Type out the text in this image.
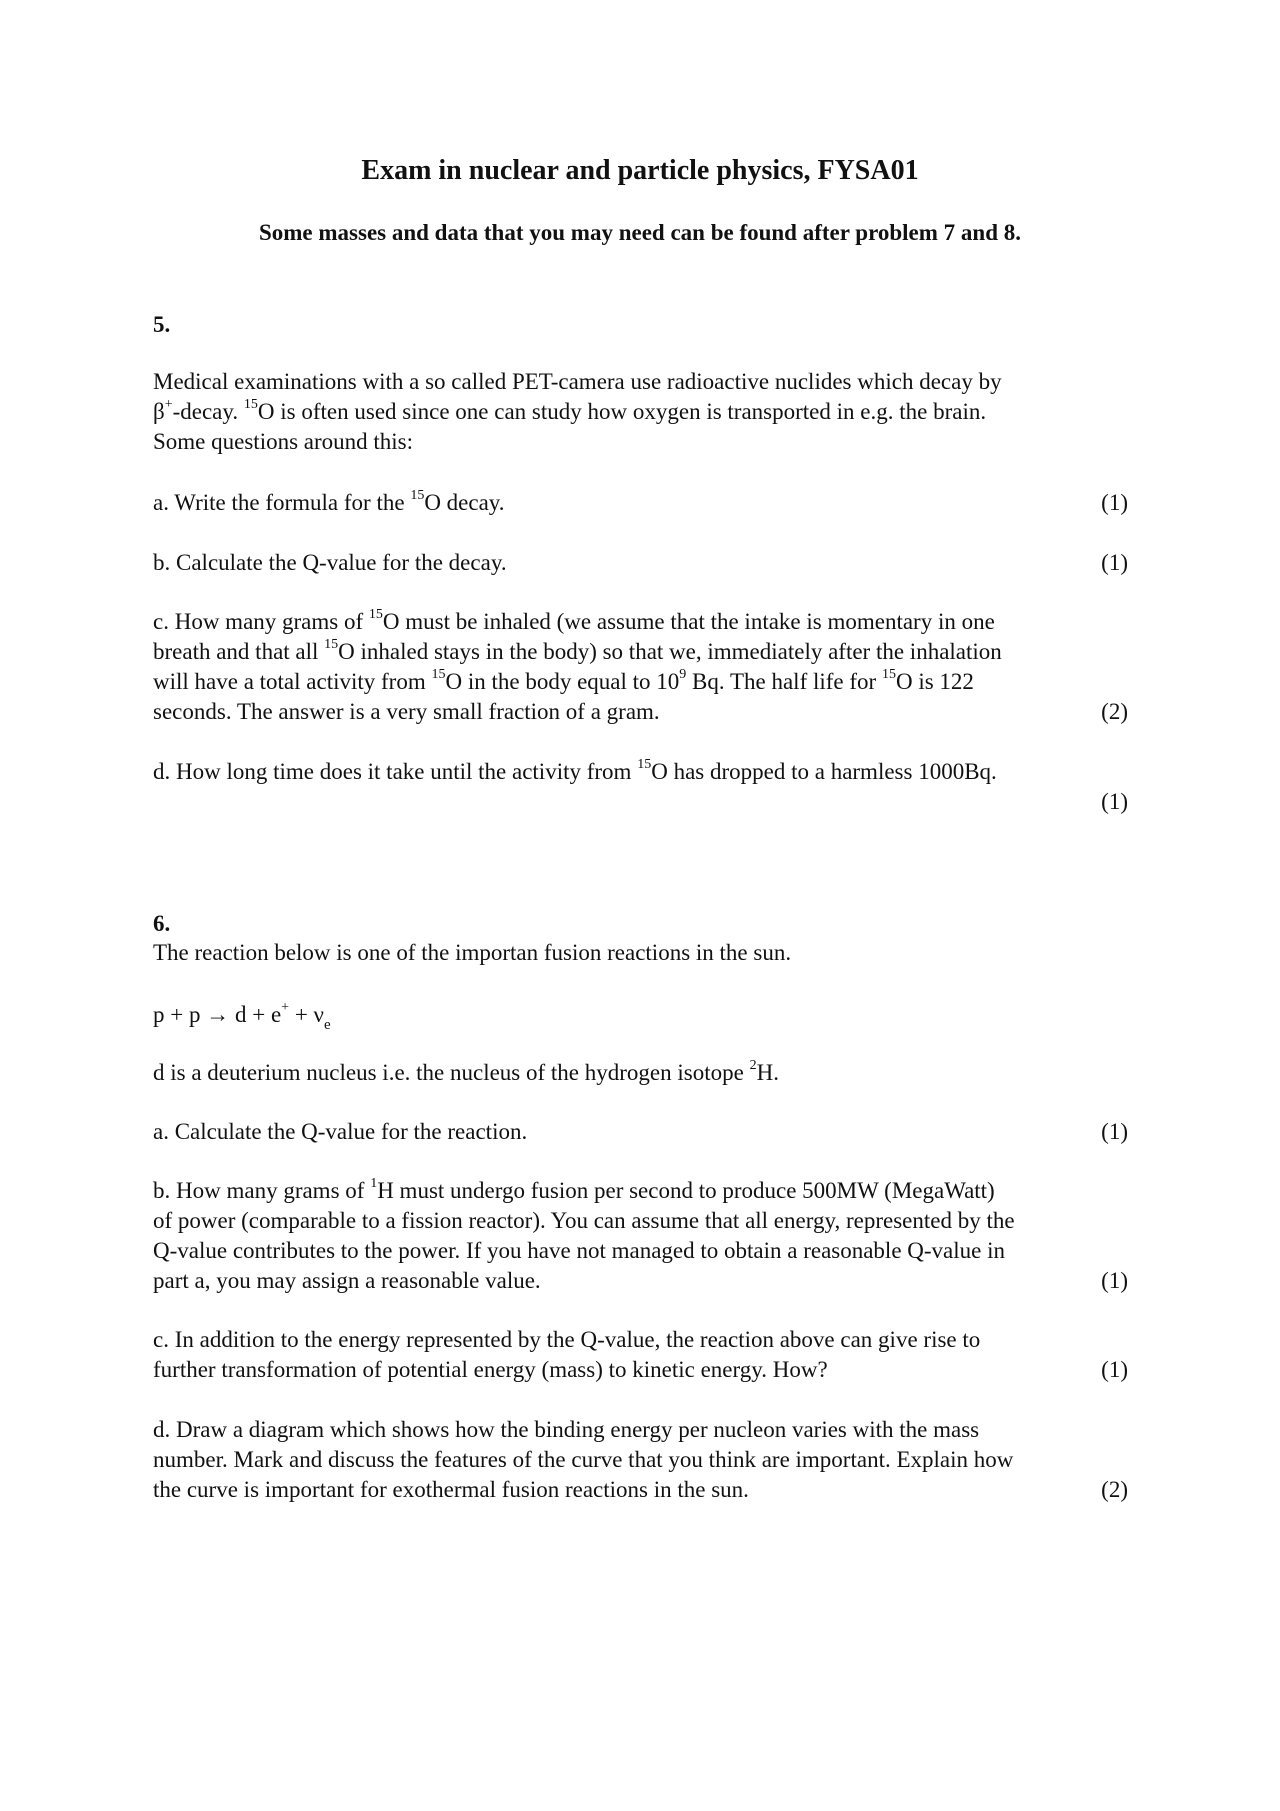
Exam in nuclear and particle physics, FYSA01
Some masses and data that you may need can be found after problem 7 and 8.
5.
Medical examinations with a so called PET-camera use radioactive nuclides which decay by
β+-decay. $^{15}$O is often used since one can study how oxygen is transported in e.g. the brain.
Some questions around this:
a. Write the formula for the $^{15}$O decay.	(1)
b. Calculate the Q-value for the decay.	(1)
c. How many grams of $^{15}$O must be inhaled (we assume that the intake is momentary in one
breath and that all $^{15}$O inhaled stays in the body) so that we, immediately after the inhalation
will have a total activity from $^{15}$O in the body equal to $10^9$ Bq. The half life for $^{15}$O is 122
seconds. The answer is a very small fraction of a gram.	(2)
d. How long time does it take until the activity from $^{15}$O has dropped to a harmless 1000Bq.
(1)
6.
The reaction below is one of the importan fusion reactions in the sun.
$p + p \to d + e^+ + \nu_e$
d is a deuterium nucleus i.e. the nucleus of the hydrogen isotope $^2$H.
a. Calculate the Q-value for the reaction.	(1)
b. How many grams of $^1$H must undergo fusion per second to produce 500MW (MegaWatt)
of power (comparable to a fission reactor). You can assume that all energy, represented by the
Q-value contributes to the power. If you have not managed to obtain a reasonable Q-value in
part a, you may assign a reasonable value.	(1)
c. In addition to the energy represented by the Q-value, the reaction above can give rise to
further transformation of potential energy (mass) to kinetic energy. How?	(1)
d. Draw a diagram which shows how the binding energy per nucleon varies with the mass
number. Mark and discuss the features of the curve that you think are important. Explain how
the curve is important for exothermal fusion reactions in the sun.	(2)
